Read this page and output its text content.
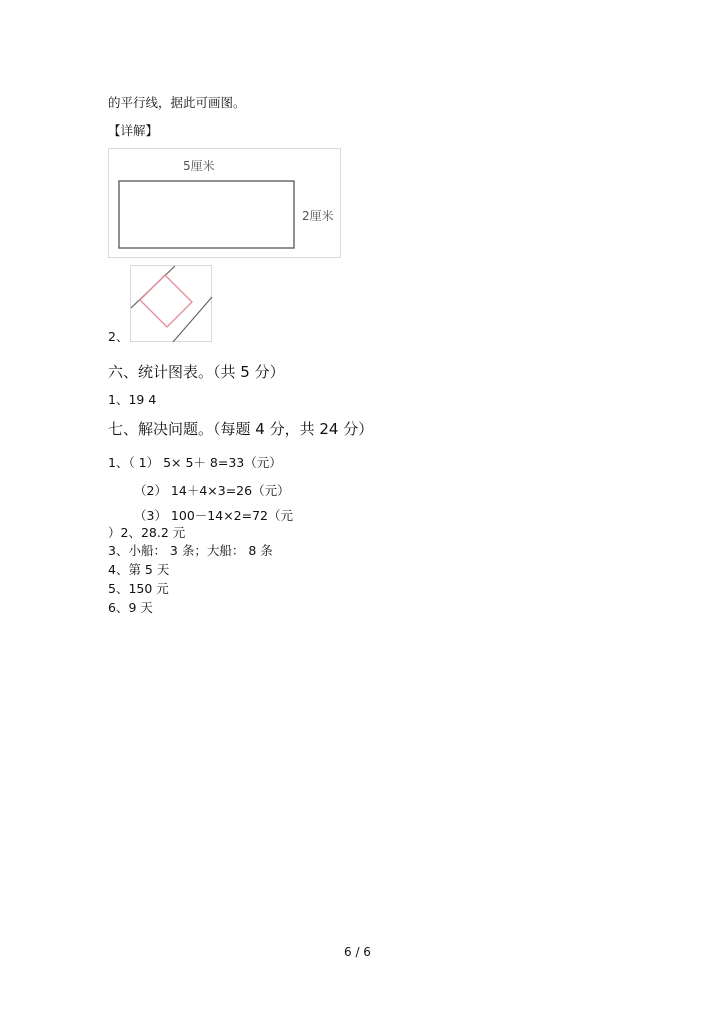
的平行线，据此可画图。
【详解】
5厘米
2厘米
2、
六、统计图表。（共 5 分）
1、19 4
七、解决问题。（每题 4 分，共 24 分）
1、（ 1） 5× 5＋ 8=33（元）
（2） 14＋4×3=26（元）
（3） 100－14×2=72（元
）2、28.2 元
3、小船： 3 条；大船： 8 条
4、第 5 天
5、150 元
6、9 天
6 / 6
